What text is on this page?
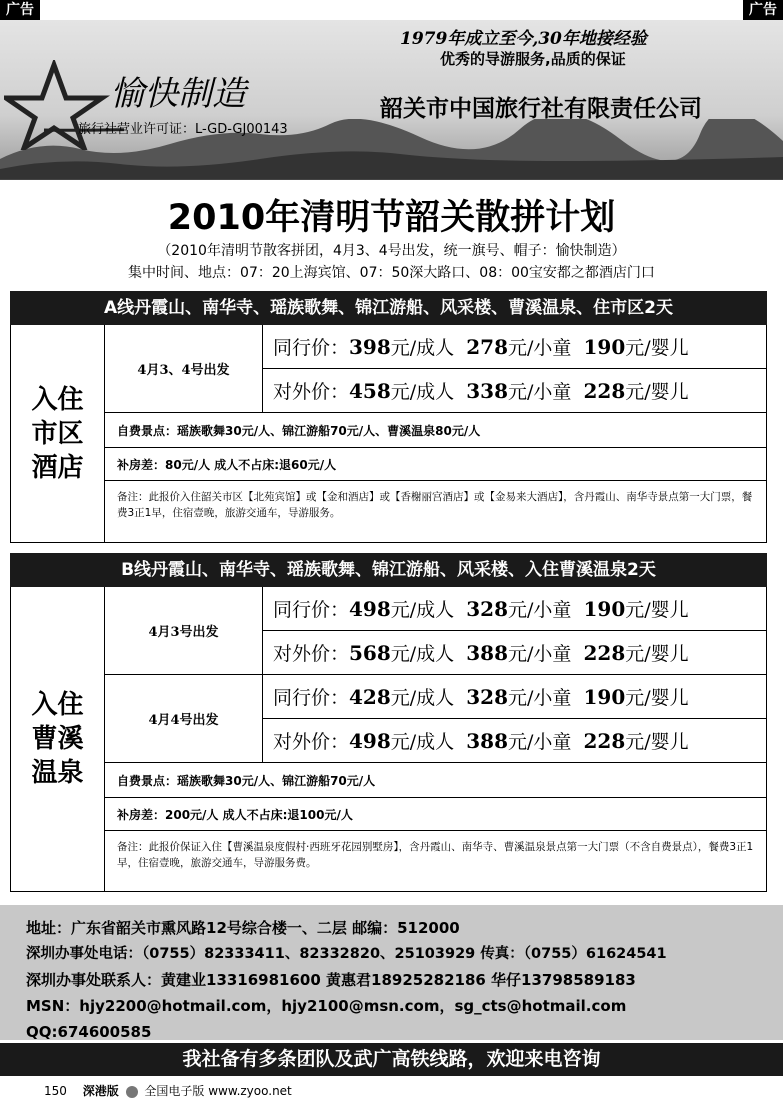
广告	广告
1979年成立至今,30年地接经验
优秀的导游服务,品质的保证
愉快制造
旅行社营业许可证：L-GD-GJ00143
韶关市中国旅行社有限责任公司
2010年清明节韶关散拼计划
（2010年清明节散客拼团，4月3、4号出发，统一旗号、帽子：愉快制造）
集中时间、地点：07：20上海宾馆、07：50深大路口、08：00宝安都之都酒店门口
A线丹霞山、南华寺、瑶族歌舞、锦江游船、风采楼、曹溪温泉、住市区2天
入住市区酒店
4月3、4号出发
同行价： 398 元/成人
278 元/小童
190 元/婴儿
对外价： 458 元/成人
338 元/小童
228 元/婴儿
自费景点：瑶族歌舞30元/人、锦江游船70元/人、曹溪温泉80元/人
补房差：80元/人 成人不占床:退60元/人
备注：此报价入住韶关市区【北苑宾馆】或【金和酒店】或【香榭丽宫酒店】或【金易来大酒店】，含丹霞山、南华寺景点第一大门票，餐费3正1早，住宿壹晚，旅游交通车，导游服务。
B线丹霞山、南华寺、瑶族歌舞、锦江游船、风采楼、入住曹溪温泉2天
入住曹溪温泉
4月3号出发
4月4号出发
同行价： 498 元/成人
328 元/小童
190 元/婴儿
对外价： 568 元/成人
388 元/小童
228 元/婴儿
同行价： 428 元/成人
328 元/小童
190 元/婴儿
对外价： 498 元/成人
388 元/小童
228 元/婴儿
自费景点：瑶族歌舞30元/人、锦江游船70元/人
补房差：200元/人 成人不占床:退100元/人
备注：此报价保证入住【曹溪温泉度假村·西班牙花园别墅房】，含丹霞山、南华寺、曹溪温泉景点第一大门票（不含自费景点），餐费3正1早，住宿壹晚，旅游交通车，导游服务费。
地址：广东省韶关市熏风路12号综合楼一、二层 邮编：512000
深圳办事处电话：（0755）82333411、82332820、25103929 传真：（0755）61624541
深圳办事处联系人：黄建业13316981600 黄惠君18925282186 华仔13798589183
MSN：hjy2200@hotmail.com，hjy2100@msn.com，sg_cts@hotmail.com
QQ:674600585
我社备有多条团队及武广高铁线路，欢迎来电咨询
150 深港版 全国电子版 www.zyoo.net
